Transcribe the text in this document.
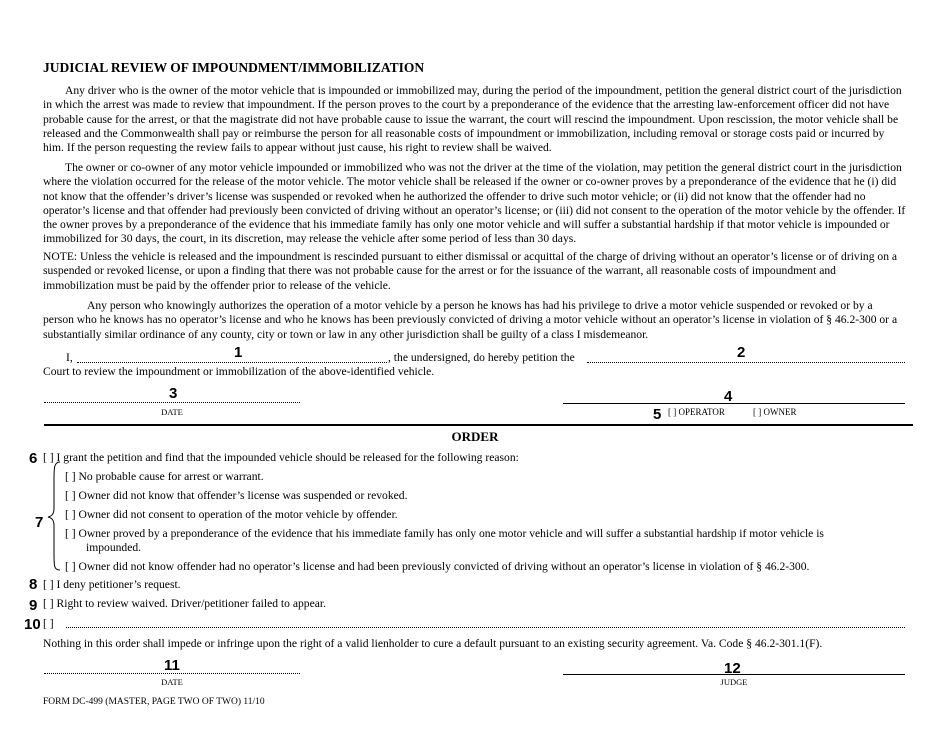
JUDICIAL REVIEW OF IMPOUNDMENT/IMMOBILIZATION

Any driver who is the owner of the motor vehicle that is impounded or immobilized may, during the period of the impoundment, petition the general district court of the jurisdiction in which the arrest was made to review that impoundment. If the person proves to the court by a preponderance of the evidence that the arresting law-enforcement officer did not have probable cause for the arrest, or that the magistrate did not have probable cause to issue the warrant, the court will rescind the impoundment. Upon rescission, the motor vehicle shall be released and the Commonwealth shall pay or reimburse the person for all reasonable costs of impoundment or immobilization, including removal or storage costs paid or incurred by him. If the person requesting the review fails to appear without just cause, his right to review shall be waived.

The owner or co-owner of any motor vehicle impounded or immobilized who was not the driver at the time of the violation, may petition the general district court in the jurisdiction where the violation occurred for the release of the motor vehicle. The motor vehicle shall be released if the owner or co-owner proves by a preponderance of the evidence that he (i) did not know that the offender’s driver’s license was suspended or revoked when he authorized the offender to drive such motor vehicle; or (ii) did not know that the offender had no operator’s license and that offender had previously been convicted of driving without an operator’s license; or (iii) did not consent to the operation of the motor vehicle by the offender. If the owner proves by a preponderance of the evidence that his immediate family has only one motor vehicle and will suffer a substantial hardship if that motor vehicle is impounded or immobilized for 30 days, the court, in its discretion, may release the vehicle after some period of less than 30 days.

NOTE: Unless the vehicle is released and the impoundment is rescinded pursuant to either dismissal or acquittal of the charge of driving without an operator’s license or of driving on a suspended or revoked license, or upon a finding that there was not probable cause for the arrest or for the issuance of the warrant, all reasonable costs of impoundment and immobilization must be paid by the offender prior to release of the vehicle.

Any person who knowingly authorizes the operation of a motor vehicle by a person he knows has had his privilege to drive a motor vehicle suspended or revoked or by a person who he knows has no operator’s license and who he knows has been previously convicted of driving a motor vehicle without an operator’s license in violation of § 46.2-300 or a substantially similar ordinance of any county, city or town or law in any other jurisdiction shall be guilty of a class I misdemeanor.

I,	, the undersigned, do hereby petition the
1	2
Court to review the impoundment or immobilization of the above-identified vehicle.
3
DATE
4
5 [ ] OPERATOR	[ ] OWNER
ORDER
6 [ ] I grant the petition and find that the impounded vehicle should be released for the following reason:
7
[ ] No probable cause for arrest or warrant.
[ ] Owner did not know that offender’s license was suspended or revoked.
[ ] Owner did not consent to operation of the motor vehicle by offender.
[ ] Owner proved by a preponderance of the evidence that his immediate family has only one motor vehicle and will suffer a substantial hardship if motor vehicle is
impounded.
[ ] Owner did not know offender had no operator’s license and had been previously convicted of driving without an operator’s license in violation of § 46.2-300.
8 [ ] I deny petitioner’s request.
9 [ ] Right to review waived. Driver/petitioner failed to appear.
10 [ ]
Nothing in this order shall impede or infringe upon the right of a valid lienholder to cure a default pursuant to an existing security agreement. Va. Code § 46.2-301.1(F).
11
DATE
12
JUDGE
FORM DC-499 (MASTER, PAGE TWO OF TWO) 11/10
